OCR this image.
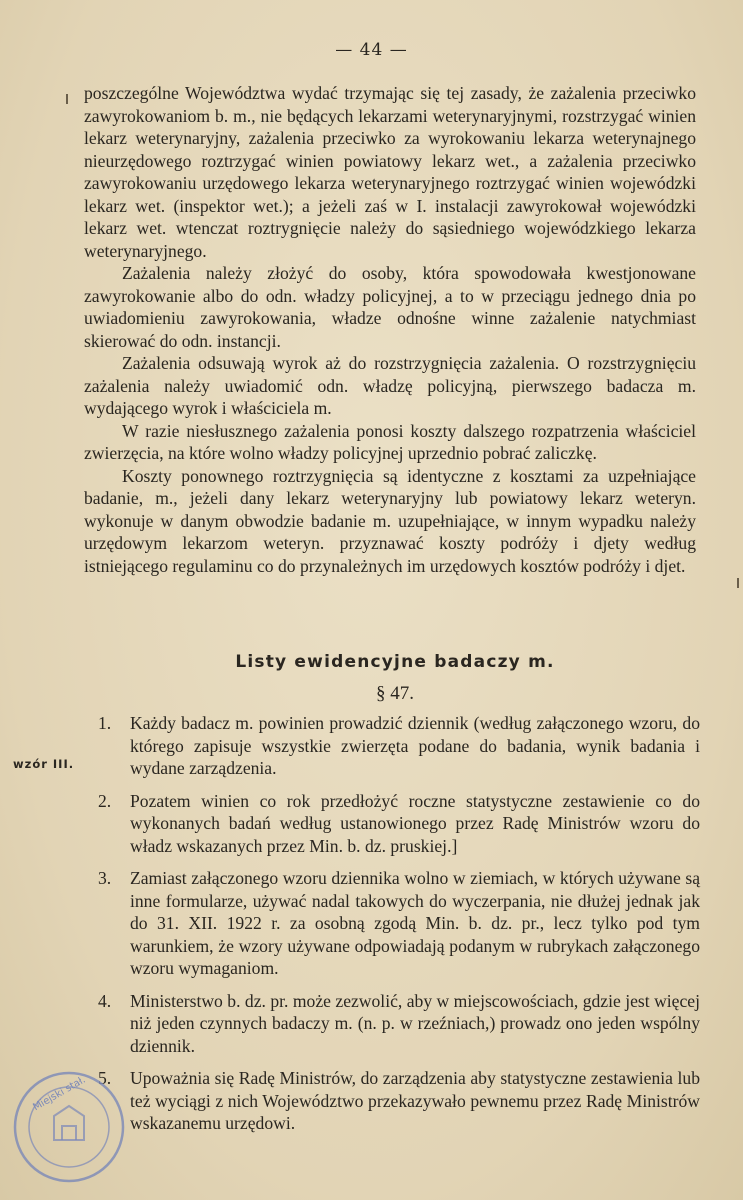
— 44 —

poszczególne Województwa wydać trzymając się tej zasady, że zażalenia przeciwko zawyrokowaniom b. m., nie będących lekarzami weterynaryjnymi, rozstrzygać winien lekarz weterynaryjny, zażalenia przeciwko za wyrokowaniu lekarza weterynajnego nieurzędowego roztrzygać winien powiatowy lekarz wet., a zażalenia przeciwko zawyrokowaniu urzędowego lekarza weterynaryjnego roztrzygać winien wojewódzki lekarz wet. (inspektor wet.); a jeżeli zaś w I. instalacji zawyrokował wojewódzki lekarz wet. wtenczat roztrygnięcie należy do sąsiedniego wojewódzkiego lekarza weterynaryjnego.

Zażalenia należy złożyć do osoby, która spowodowała kwestjonowane zawyrokowanie albo do odn. władzy policyjnej, a to w przeciągu jednego dnia po uwiadomieniu zawyrokowania, władze odnośne winne zażalenie natychmiast skierować do odn. instancji.

Zażalenia odsuwają wyrok aż do rozstrzygnięcia zażalenia. O rozstrzygnięciu zażalenia należy uwiadomić odn. władzę policyjną, pierwszego badacza m. wydającego wyrok i właściciela m.

W razie niesłusznego zażalenia ponosi koszty dalszego rozpatrzenia właściciel zwierzęcia, na które wolno władzy policyjnej uprzednio pobrać zaliczkę.

Koszty ponownego roztrzygnięcia są identyczne z kosztami za uzpełniające badanie, m., jeżeli dany lekarz weterynaryjny lub powiatowy lekarz weteryn. wykonuje w danym obwodzie badanie m. uzupełniające, w innym wypadku należy urzędowym lekarzom weteryn. przyznawać koszty podróży i djety według istniejącego regulaminu co do przynależnych im urzędowych kosztów podróży i djet.

Listy ewidencyjne badaczy m.
§ 47.
wzór III.
1. Każdy badacz m. powinien prowadzić dziennik (według załączonego wzoru, do którego zapisuje wszystkie zwierzęta podane do badania, wynik badania i wydane zarządzenia.
2. Pozatem winien co rok przedłożyć roczne statystyczne zestawienie co do wykonanych badań według ustanowionego przez Radę Ministrów wzoru do władz wskazanych przez Min. b. dz. pruskiej.]
3. Zamiast załączonego wzoru dziennika wolno w ziemiach, w których używane są inne formularze, używać nadal takowych do wyczerpania, nie dłużej jednak jak do 31. XII. 1922 r. za osobną zgodą Min. b. dz. pr., lecz tylko pod tym warunkiem, że wzory używane odpowiadają podanym w rubrykach załączonego wzoru wymaganiom.
4. Ministerstwo b. dz. pr. może zezwolić, aby w miejscowościach, gdzie jest więcej niż jeden czynnych badaczy m. (n. p. w rzeźniach,) prowadz ono jeden wspólny dziennik.
5. Upoważnia się Radę Ministrów, do zarządzenia aby statystyczne zestawienia lub też wyciągi z nich Województwo przekazywało pewnemu przez Radę Ministrów wskazanemu urzędowi.
Miejski stał.
